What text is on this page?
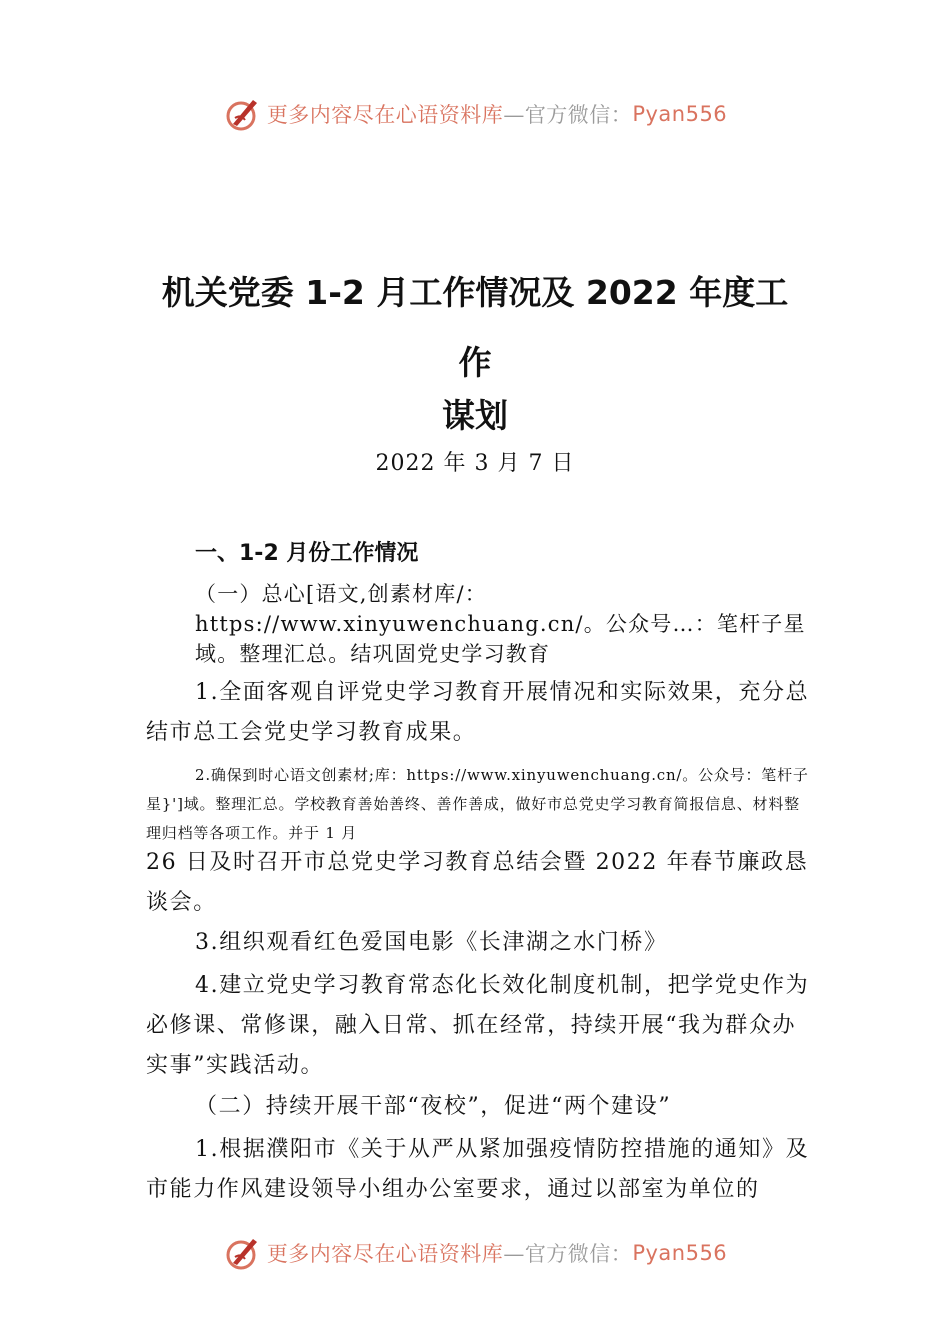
更多内容尽在心语资料库 —官方微信： Pyan556
机关党委 1-2 月工作情况及 2022 年度工
作
谋划
2022 年 3 月 7 日
一、1-2 月份工作情况
（一）总心[语文,创素材库/：https://www.xinyuwenchuang.cn/。公众号…：笔杆子星域。整理汇总。结巩固党史学习教育

1.全面客观自评党史学习教育开展情况和实际效果，充分总结市总工会党史学习教育成果。

2.确保到时心语文创素材;库：https://www.xinyuwenchuang.cn/。公众号：笔杆子星}']域。整理汇总。学校教育善始善终、善作善成，做好市总党史学习教育简报信息、材料整理归档等各项工作。并于 1 月

26 日及时召开市总党史学习教育总结会暨 2022 年春节廉政恳谈会。

3.组织观看红色爱国电影《长津湖之水门桥》

4.建立党史学习教育常态化长效化制度机制，把学党史作为必修课、常修课，融入日常、抓在经常，持续开展“我为群众办实事”实践活动。

（二）持续开展干部“夜校”，促进“两个建设”

1.根据濮阳市《关于从严从紧加强疫情防控措施的通知》及市能力作风建设领导小组办公室要求，通过以部室为单位的

更多内容尽在心语资料库 —官方微信： Pyan556
